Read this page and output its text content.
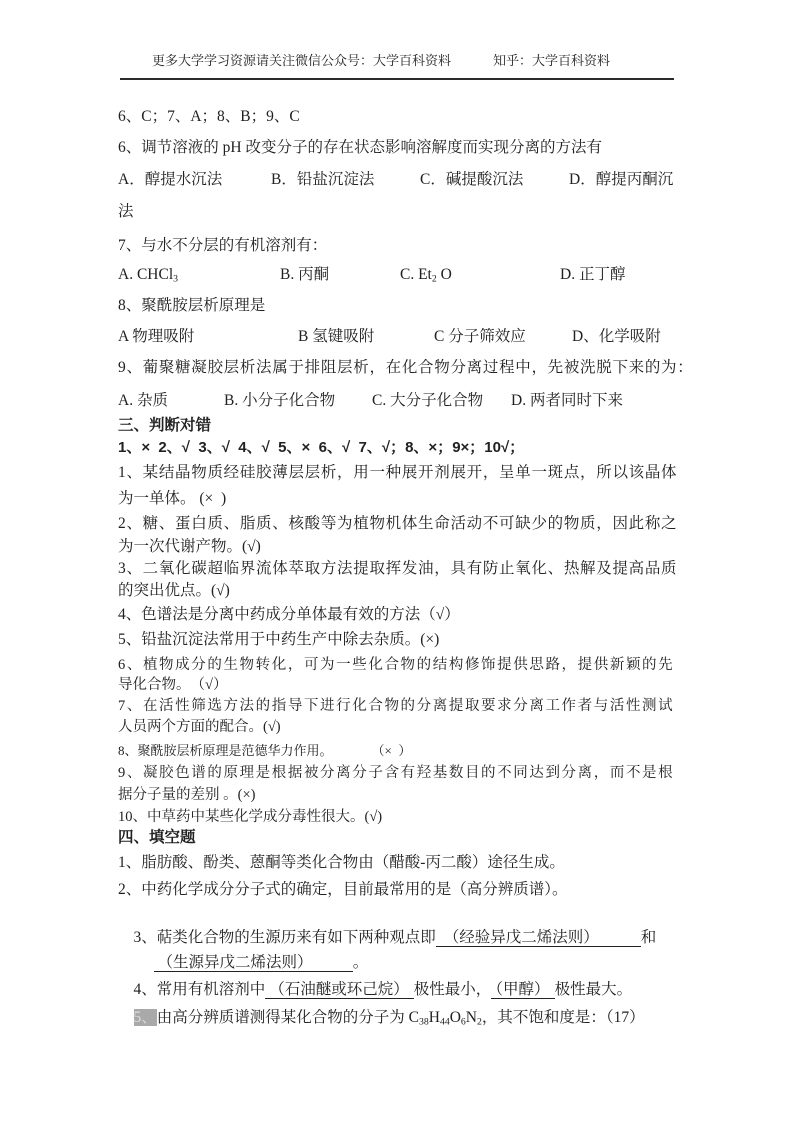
更多大学学习资源请关注微信公众号：大学百科资料	知乎：大学百科资料
6、C；7、A；8、B；9、C
6、调节溶液的 pH 改变分子的存在状态影响溶解度而实现分离的方法有
A．醇提水沉法	B．铅盐沉淀法	C．碱提酸沉法	D．醇提丙酮沉
法
7、与水不分层的有机溶剂有：
A. CHCl$_3$	B. 丙酮	C. $Et_2$ O	D. 正丁醇
8、聚酰胺层析原理是
A 物理吸附	B 氢键吸附	C 分子筛效应	D、化学吸附
9、葡聚糖凝胶层析法属于排阻层析，在化合物分离过程中，先被洗脱下来的为：
A. 杂质	B. 小分子化合物 C. 大分子化合物 D. 两者同时下来
三、判断对错
1、×  2、√  3、√  4、√  5、×  6、√  7、√；8、×；9×；10√；
1、某结晶物质经硅胶薄层层析，用一种展开剂展开，呈单一斑点，所以该晶体
为一单体。 (×  )
2、糖、蛋白质、脂质、核酸等为植物机体生命活动不可缺少的物质，因此称之
为一次代谢产物。(√)
3、二氧化碳超临界流体萃取方法提取挥发油，具有防止氧化、热解及提高品质
的突出优点。(√)
4、色谱法是分离中药成分单体最有效的方法（√）
5、铅盐沉淀法常用于中药生产中除去杂质。(×)
6、植物成分的生物转化，可为一些化合物的结构修饰提供思路，提供新颖的先
导化合物。　（√）
7、在活性筛选方法的指导下进行化合物的分离提取要求分离工作者与活性测试
人员两个方面的配合。(√)
8、聚酰胺层析原理是范德华力作用。　　　　（×  ）
9、凝胶色谱的原理是根据被分离分子含有羟基数目的不同达到分离，而不是根
据分子量的差别 。(×)
10、中草药中某些化学成分毒性很大。(√)
四、填空题
1、脂肪酸、酚类、蒽酮等类化合物由（醋酸-丙二酸）途径生成。
2、中药化学成分分子式的确定，目前最常用的是（高分辨质谱）。

3、萜类化合物的生源历来有如下两种观点即 （经验异戊二烯法则）	和

（生源异戊二烯法则）	。

4、常用有机溶剂中 （石油醚或环己烷） 极性最小， （甲醇） 极性最大。

5、由高分辨质谱测得某化合物的分子为 $C_{38}H_{44}O_6N_2$，其不饱和度是：（17）
